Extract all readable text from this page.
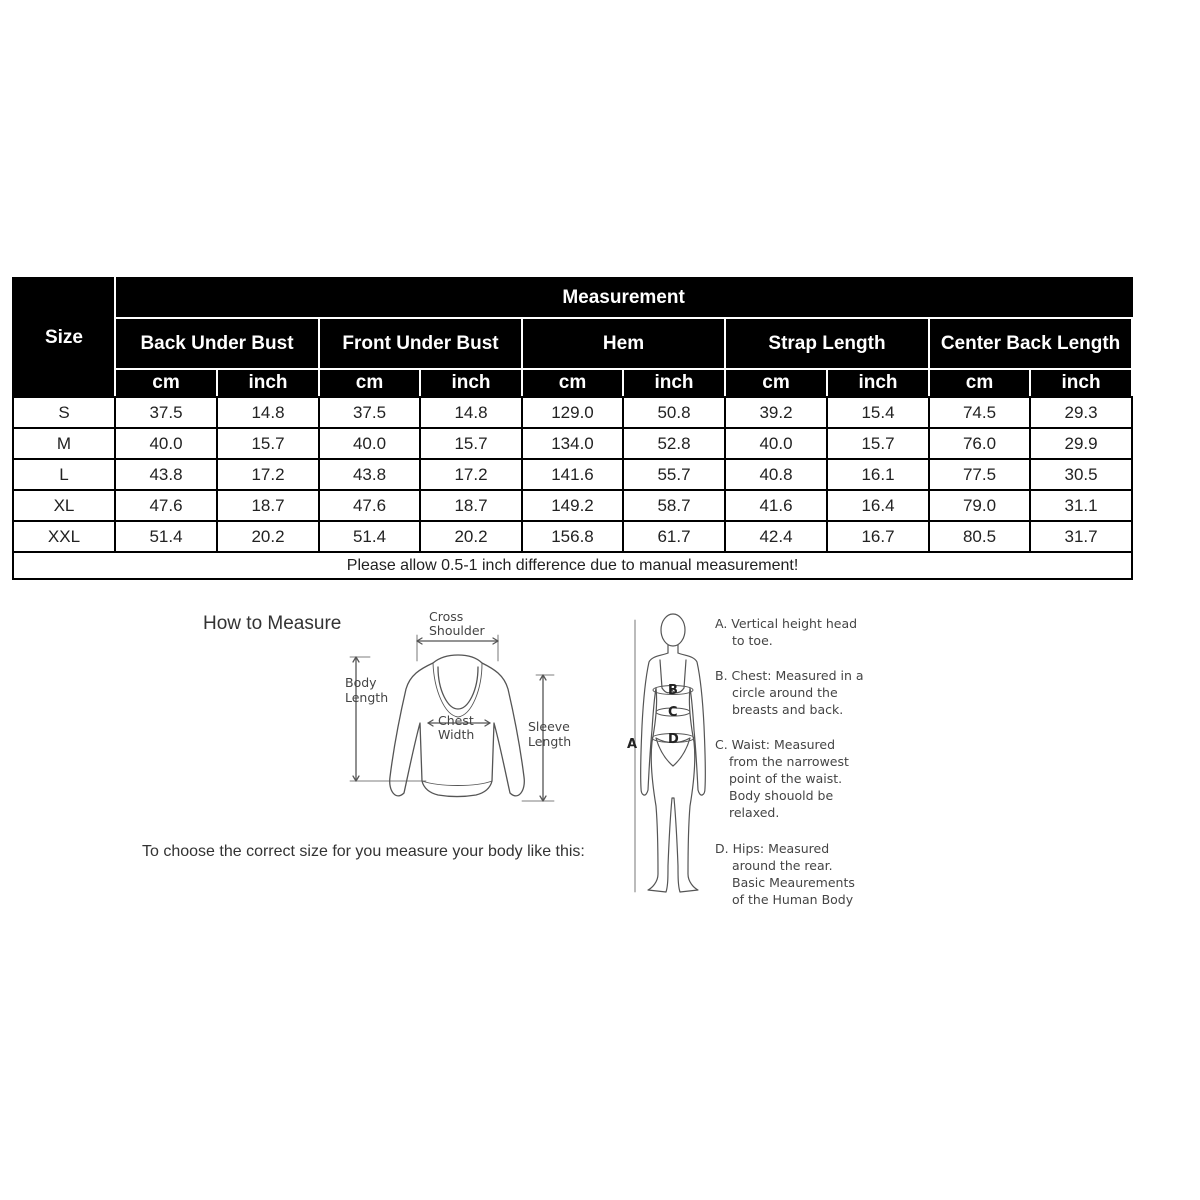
Size	Measurement									
	Back Under Bust		Front Under Bust		Hem		Strap Length		Center Back Length	
	cm	inch	cm	inch	cm	inch	cm	inch	cm	inch
S	37.5	14.8	37.5	14.8	129.0	50.8	39.2	15.4	74.5	29.3
M	40.0	15.7	40.0	15.7	134.0	52.8	40.0	15.7	76.0	29.9
L	43.8	17.2	43.8	17.2	141.6	55.7	40.8	16.1	77.5	30.5
XL	47.6	18.7	47.6	18.7	149.2	58.7	41.6	16.4	79.0	31.1
XXL	51.4	20.2	51.4	20.2	156.8	61.7	42.4	16.7	80.5	31.7
Please allow 0.5-1 inch difference due to manual measurement!										
How to Measure
To choose the correct size for you measure your body like this:
Cross
Shoulder
Body
Length
Chest
Width
Sleeve
Length
B
C
D
A
A. Vertical height head
to toe.
B. Chest: Measured in a
circle around the
breasts and back.
C. Waist: Measured
from the narrowest
point of the waist.
Body shouold be
relaxed.
D. Hips: Measured
around the rear.
Basic Meaurements
of the Human Body
